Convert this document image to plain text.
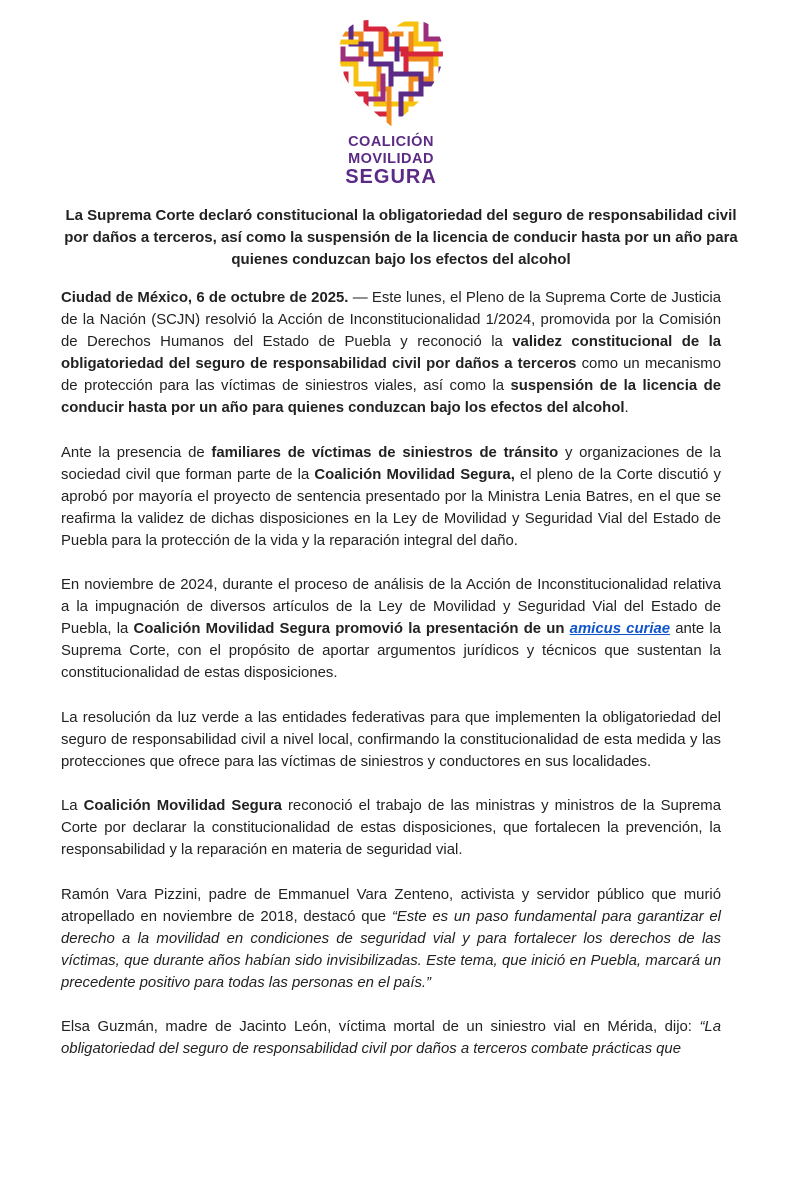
COALICIÓN
MOVILIDAD
SEGURA
La Suprema Corte declaró constitucional la obligatoriedad del seguro de responsabilidad civil por daños a terceros, así como la suspensión de la licencia de conducir hasta por un año para quienes conduzcan bajo los efectos del alcohol

Ciudad de México, 6 de octubre de 2025. — Este lunes, el Pleno de la Suprema Corte de Justicia de la Nación (SCJN) resolvió la Acción de Inconstitucionalidad 1/2024, promovida por la Comisión de Derechos Humanos del Estado de Puebla y reconoció la validez constitucional de la obligatoriedad del seguro de responsabilidad civil por daños a terceros como un mecanismo de protección para las víctimas de siniestros viales, así como la suspensión de la licencia de conducir hasta por un año para quienes conduzcan bajo los efectos del alcohol.

Ante la presencia de familiares de víctimas de siniestros de tránsito y organizaciones de la sociedad civil que forman parte de la Coalición Movilidad Segura, el pleno de la Corte discutió y aprobó por mayoría el proyecto de sentencia presentado por la Ministra Lenia Batres, en el que se reafirma la validez de dichas disposiciones en la Ley de Movilidad y Seguridad Vial del Estado de Puebla para la protección de la vida y la reparación integral del daño.

En noviembre de 2024, durante el proceso de análisis de la Acción de Inconstitucionalidad relativa a la impugnación de diversos artículos de la Ley de Movilidad y Seguridad Vial del Estado de Puebla, la Coalición Movilidad Segura promovió la presentación de un amicus curiae ante la Suprema Corte, con el propósito de aportar argumentos jurídicos y técnicos que sustentan la constitucionalidad de estas disposiciones.

La resolución da luz verde a las entidades federativas para que implementen la obligatoriedad del seguro de responsabilidad civil a nivel local, confirmando la constitucionalidad de esta medida y las protecciones que ofrece para las víctimas de siniestros y conductores en sus localidades.

La Coalición Movilidad Segura reconoció el trabajo de las ministras y ministros de la Suprema Corte por declarar la constitucionalidad de estas disposiciones, que fortalecen la prevención, la responsabilidad y la reparación en materia de seguridad vial.

Ramón Vara Pizzini, padre de Emmanuel Vara Zenteno, activista y servidor público que murió atropellado en noviembre de 2018, destacó que “Este es un paso fundamental para garantizar el derecho a la movilidad en condiciones de seguridad vial y para fortalecer los derechos de las víctimas, que durante años habían sido invisibilizadas. Este tema, que inició en Puebla, marcará un precedente positivo para todas las personas en el país.”

Elsa Guzmán, madre de Jacinto León, víctima mortal de un siniestro vial en Mérida, dijo: “La obligatoriedad del seguro de responsabilidad civil por daños a terceros combate prácticas que
